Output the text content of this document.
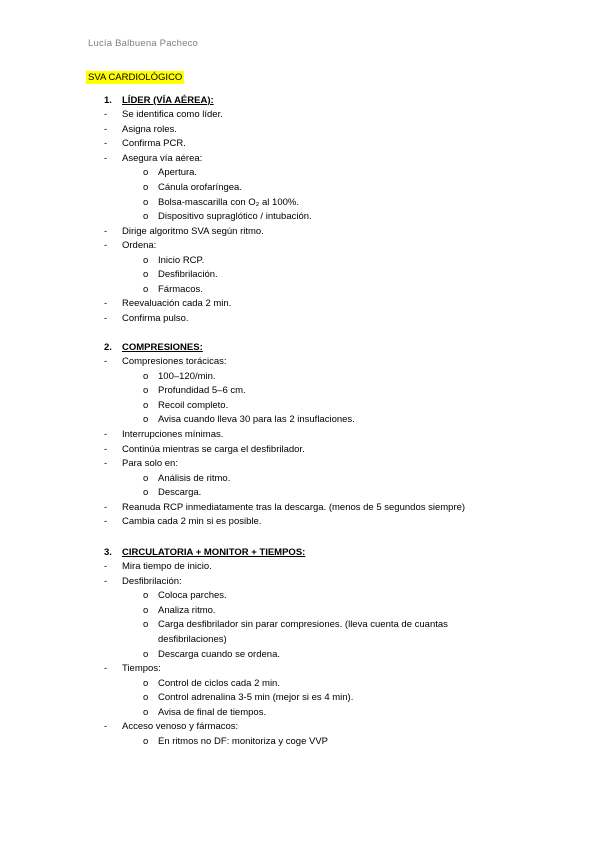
Lucía Balbuena Pacheco
SVA CARDIOLÓGICO
1. LÍDER (VÍA AÉREA):
- Se identifica como líder.
- Asigna roles.
- Confirma PCR.
- Asegura vía aérea:
o Apertura.
o Cánula orofaríngea.
o Bolsa-mascarilla con O₂ al 100%.
o Dispositivo supraglótico / intubación.
- Dirige algoritmo SVA según ritmo.
- Ordena:
o Inicio RCP.
o Desfibrilación.
o Fármacos.
- Reevaluación cada 2 min.
- Confirma pulso.
2. COMPRESIONES:
- Compresiones torácicas:
o 100–120/min.
o Profundidad 5–6 cm.
o Recoil completo.
o Avisa cuando lleva 30 para las 2 insuflaciones.
- Interrupciones mínimas.
- Continúa mientras se carga el desfibrilador.
- Para solo en:
o Análisis de ritmo.
o Descarga.
- Reanuda RCP inmediatamente tras la descarga. (menos de 5 segundos siempre)
- Cambia cada 2 min si es posible.
3. CIRCULATORIA + MONITOR + TIEMPOS:
- Mira tiempo de inicio.
- Desfibrilación:
o Coloca parches.
o Analiza ritmo.
o Carga desfibrilador sin parar compresiones. (lleva cuenta de cuantas desfibrilaciones)
o Descarga cuando se ordena.
- Tiempos:
o Control de ciclos cada 2 min.
o Control adrenalina 3-5 min (mejor si es 4 min).
o Avisa de final de tiempos.
- Acceso venoso y fármacos:
o En ritmos no DF: monitoriza y coge VVP
